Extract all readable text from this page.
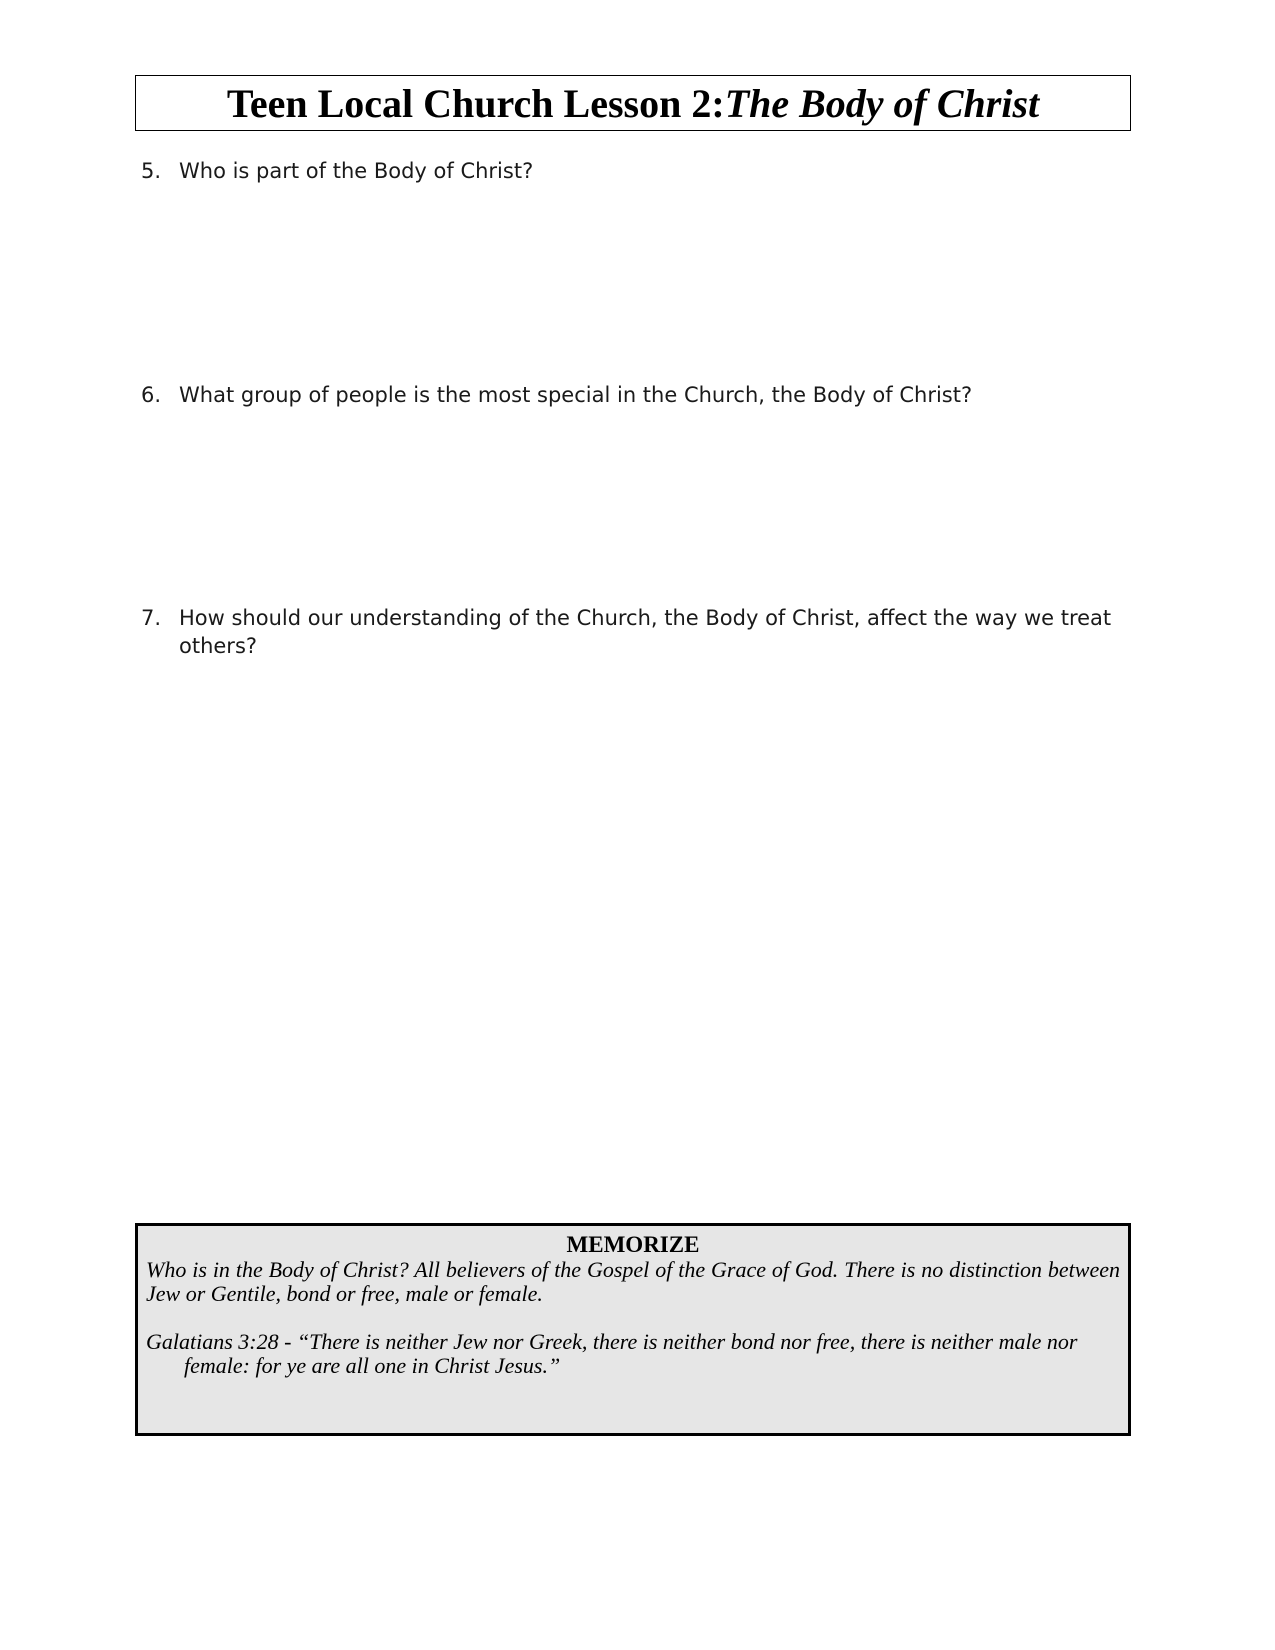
Teen Local Church Lesson 2: The Body of Christ
5. Who is part of the Body of Christ?
6. What group of people is the most special in the Church, the Body of Christ?
7. How should our understanding of the Church, the Body of Christ, affect the way we treat others?
MEMORIZE
Who is in the Body of Christ? All believers of the Gospel of the Grace of God. There is no distinction between Jew or Gentile, bond or free, male or female.
Galatians 3:28 - “There is neither Jew nor Greek, there is neither bond nor free, there is neither male nor female: for ye are all one in Christ Jesus.”
